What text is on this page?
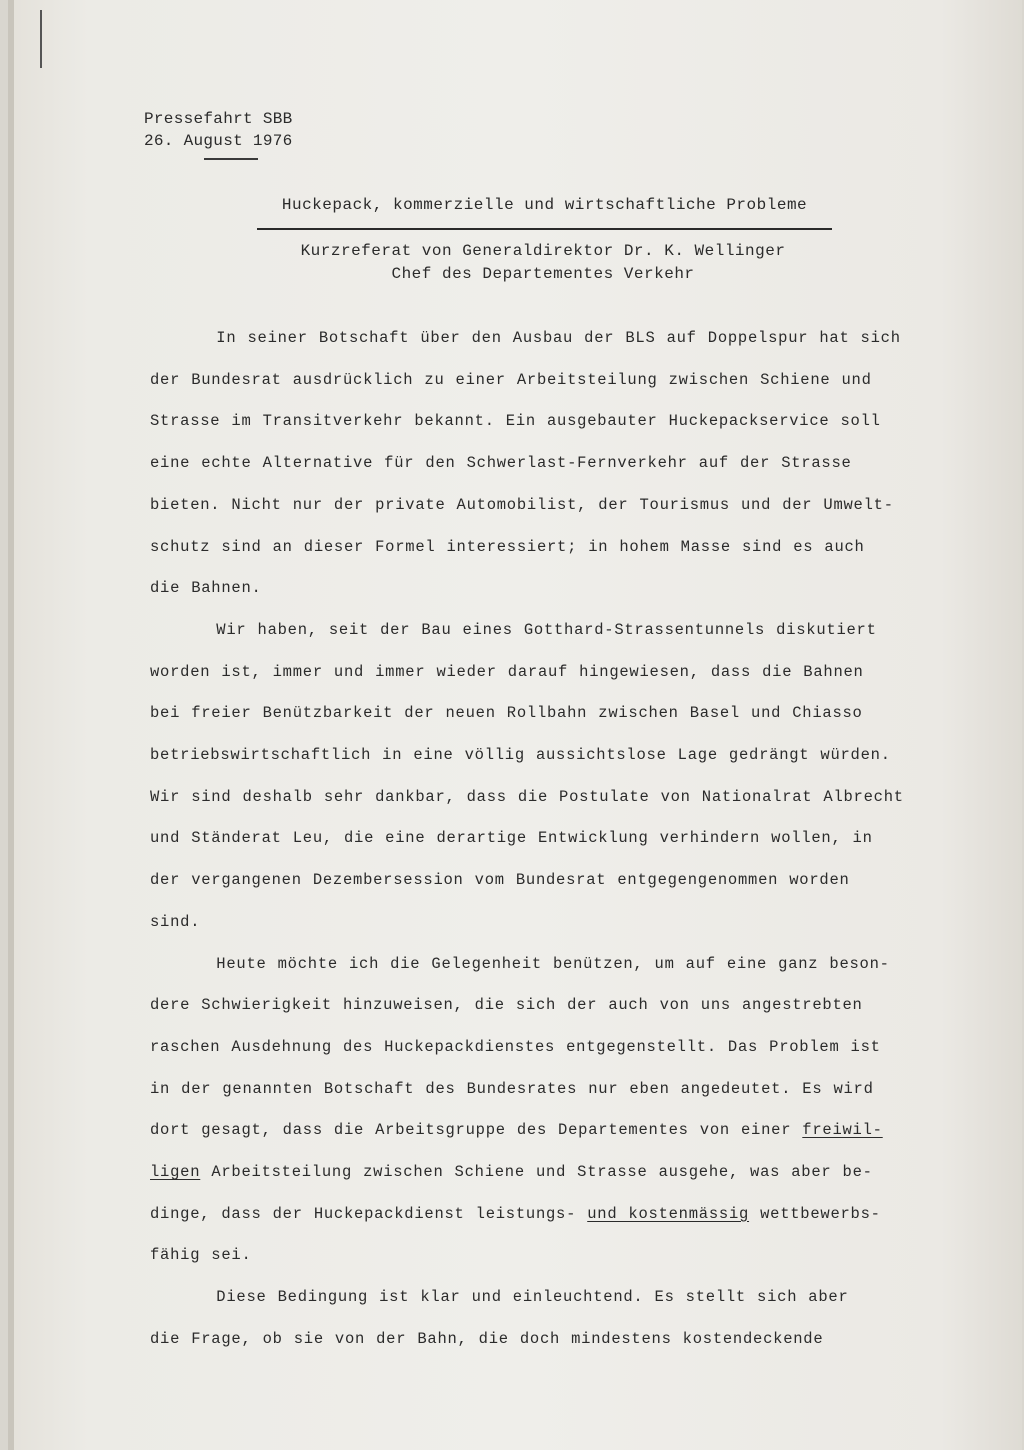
Pressefahrt SBB
26. August 1976
Huckepack, kommerzielle und wirtschaftliche Probleme
Kurzreferat von Generaldirektor Dr. K. Wellinger
Chef des Departementes Verkehr
In seiner Botschaft über den Ausbau der BLS auf Doppelspur hat sich
der Bundesrat ausdrücklich zu einer Arbeitsteilung zwischen Schiene und
Strasse im Transitverkehr bekannt. Ein ausgebauter Huckepackservice soll
eine echte Alternative für den Schwerlast-Fernverkehr auf der Strasse
bieten. Nicht nur der private Automobilist, der Tourismus und der Umwelt-
schutz sind an dieser Formel interessiert; in hohem Masse sind es auch
die Bahnen.
Wir haben, seit der Bau eines Gotthard-Strassentunnels diskutiert
worden ist, immer und immer wieder darauf hingewiesen, dass die Bahnen
bei freier Benützbarkeit der neuen Rollbahn zwischen Basel und Chiasso
betriebswirtschaftlich in eine völlig aussichtslose Lage gedrängt würden.
Wir sind deshalb sehr dankbar, dass die Postulate von Nationalrat Albrecht
und Ständerat Leu, die eine derartige Entwicklung verhindern wollen, in
der vergangenen Dezembersession vom Bundesrat entgegengenommen worden
sind.
Heute möchte ich die Gelegenheit benützen, um auf eine ganz beson-
dere Schwierigkeit hinzuweisen, die sich der auch von uns angestrebten
raschen Ausdehnung des Huckepackdienstes entgegenstellt. Das Problem ist
in der genannten Botschaft des Bundesrates nur eben angedeutet. Es wird
dort gesagt, dass die Arbeitsgruppe des Departementes von einer freiwil-
ligen Arbeitsteilung zwischen Schiene und Strasse ausgehe, was aber be-
dinge, dass der Huckepackdienst leistungs- und kostenmässig wettbewerbs-
fähig sei.
Diese Bedingung ist klar und einleuchtend. Es stellt sich aber
die Frage, ob sie von der Bahn, die doch mindestens kostendeckende
